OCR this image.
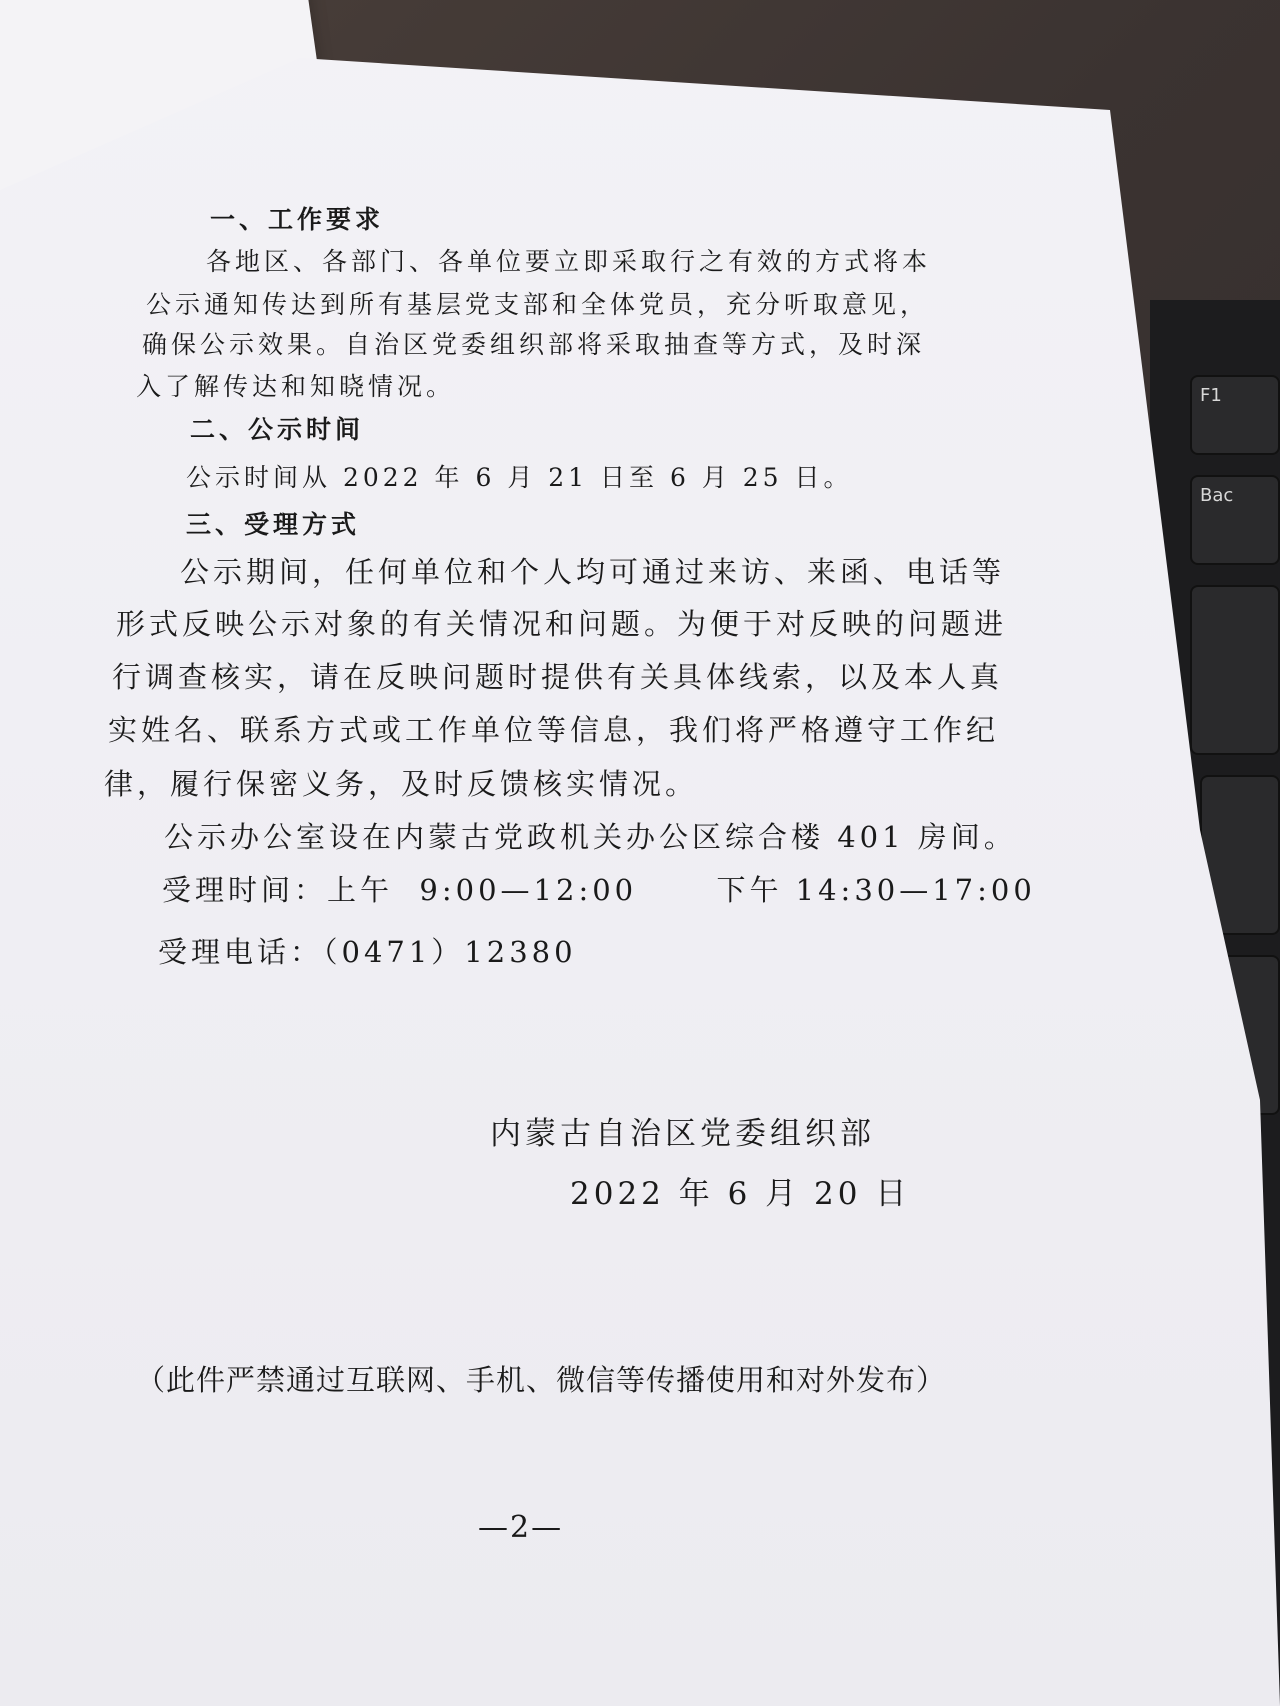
F1
Bac
一、工作要求
各地区、各部门、各单位要立即采取行之有效的方式将本
公示通知传达到所有基层党支部和全体党员，充分听取意见，
确保公示效果。自治区党委组织部将采取抽查等方式，及时深
入了解传达和知晓情况。
二、公示时间
公示时间从 2022 年 6 月 21 日至 6 月 25 日。
三、受理方式
公示期间，任何单位和个人均可通过来访、来函、电话等
形式反映公示对象的有关情况和问题。为便于对反映的问题进
行调查核实，请在反映问题时提供有关具体线索，以及本人真
实姓名、联系方式或工作单位等信息，我们将严格遵守工作纪
律，履行保密义务，及时反馈核实情况。
公示办公室设在内蒙古党政机关办公区综合楼 401 房间。
受理时间：上午  9:00—12:00      下午 14:30—17:00
受理电话：（0471）12380
内蒙古自治区党委组织部
2022 年 6 月 20 日
（此件严禁通过互联网、手机、微信等传播使用和对外发布）
—2—
